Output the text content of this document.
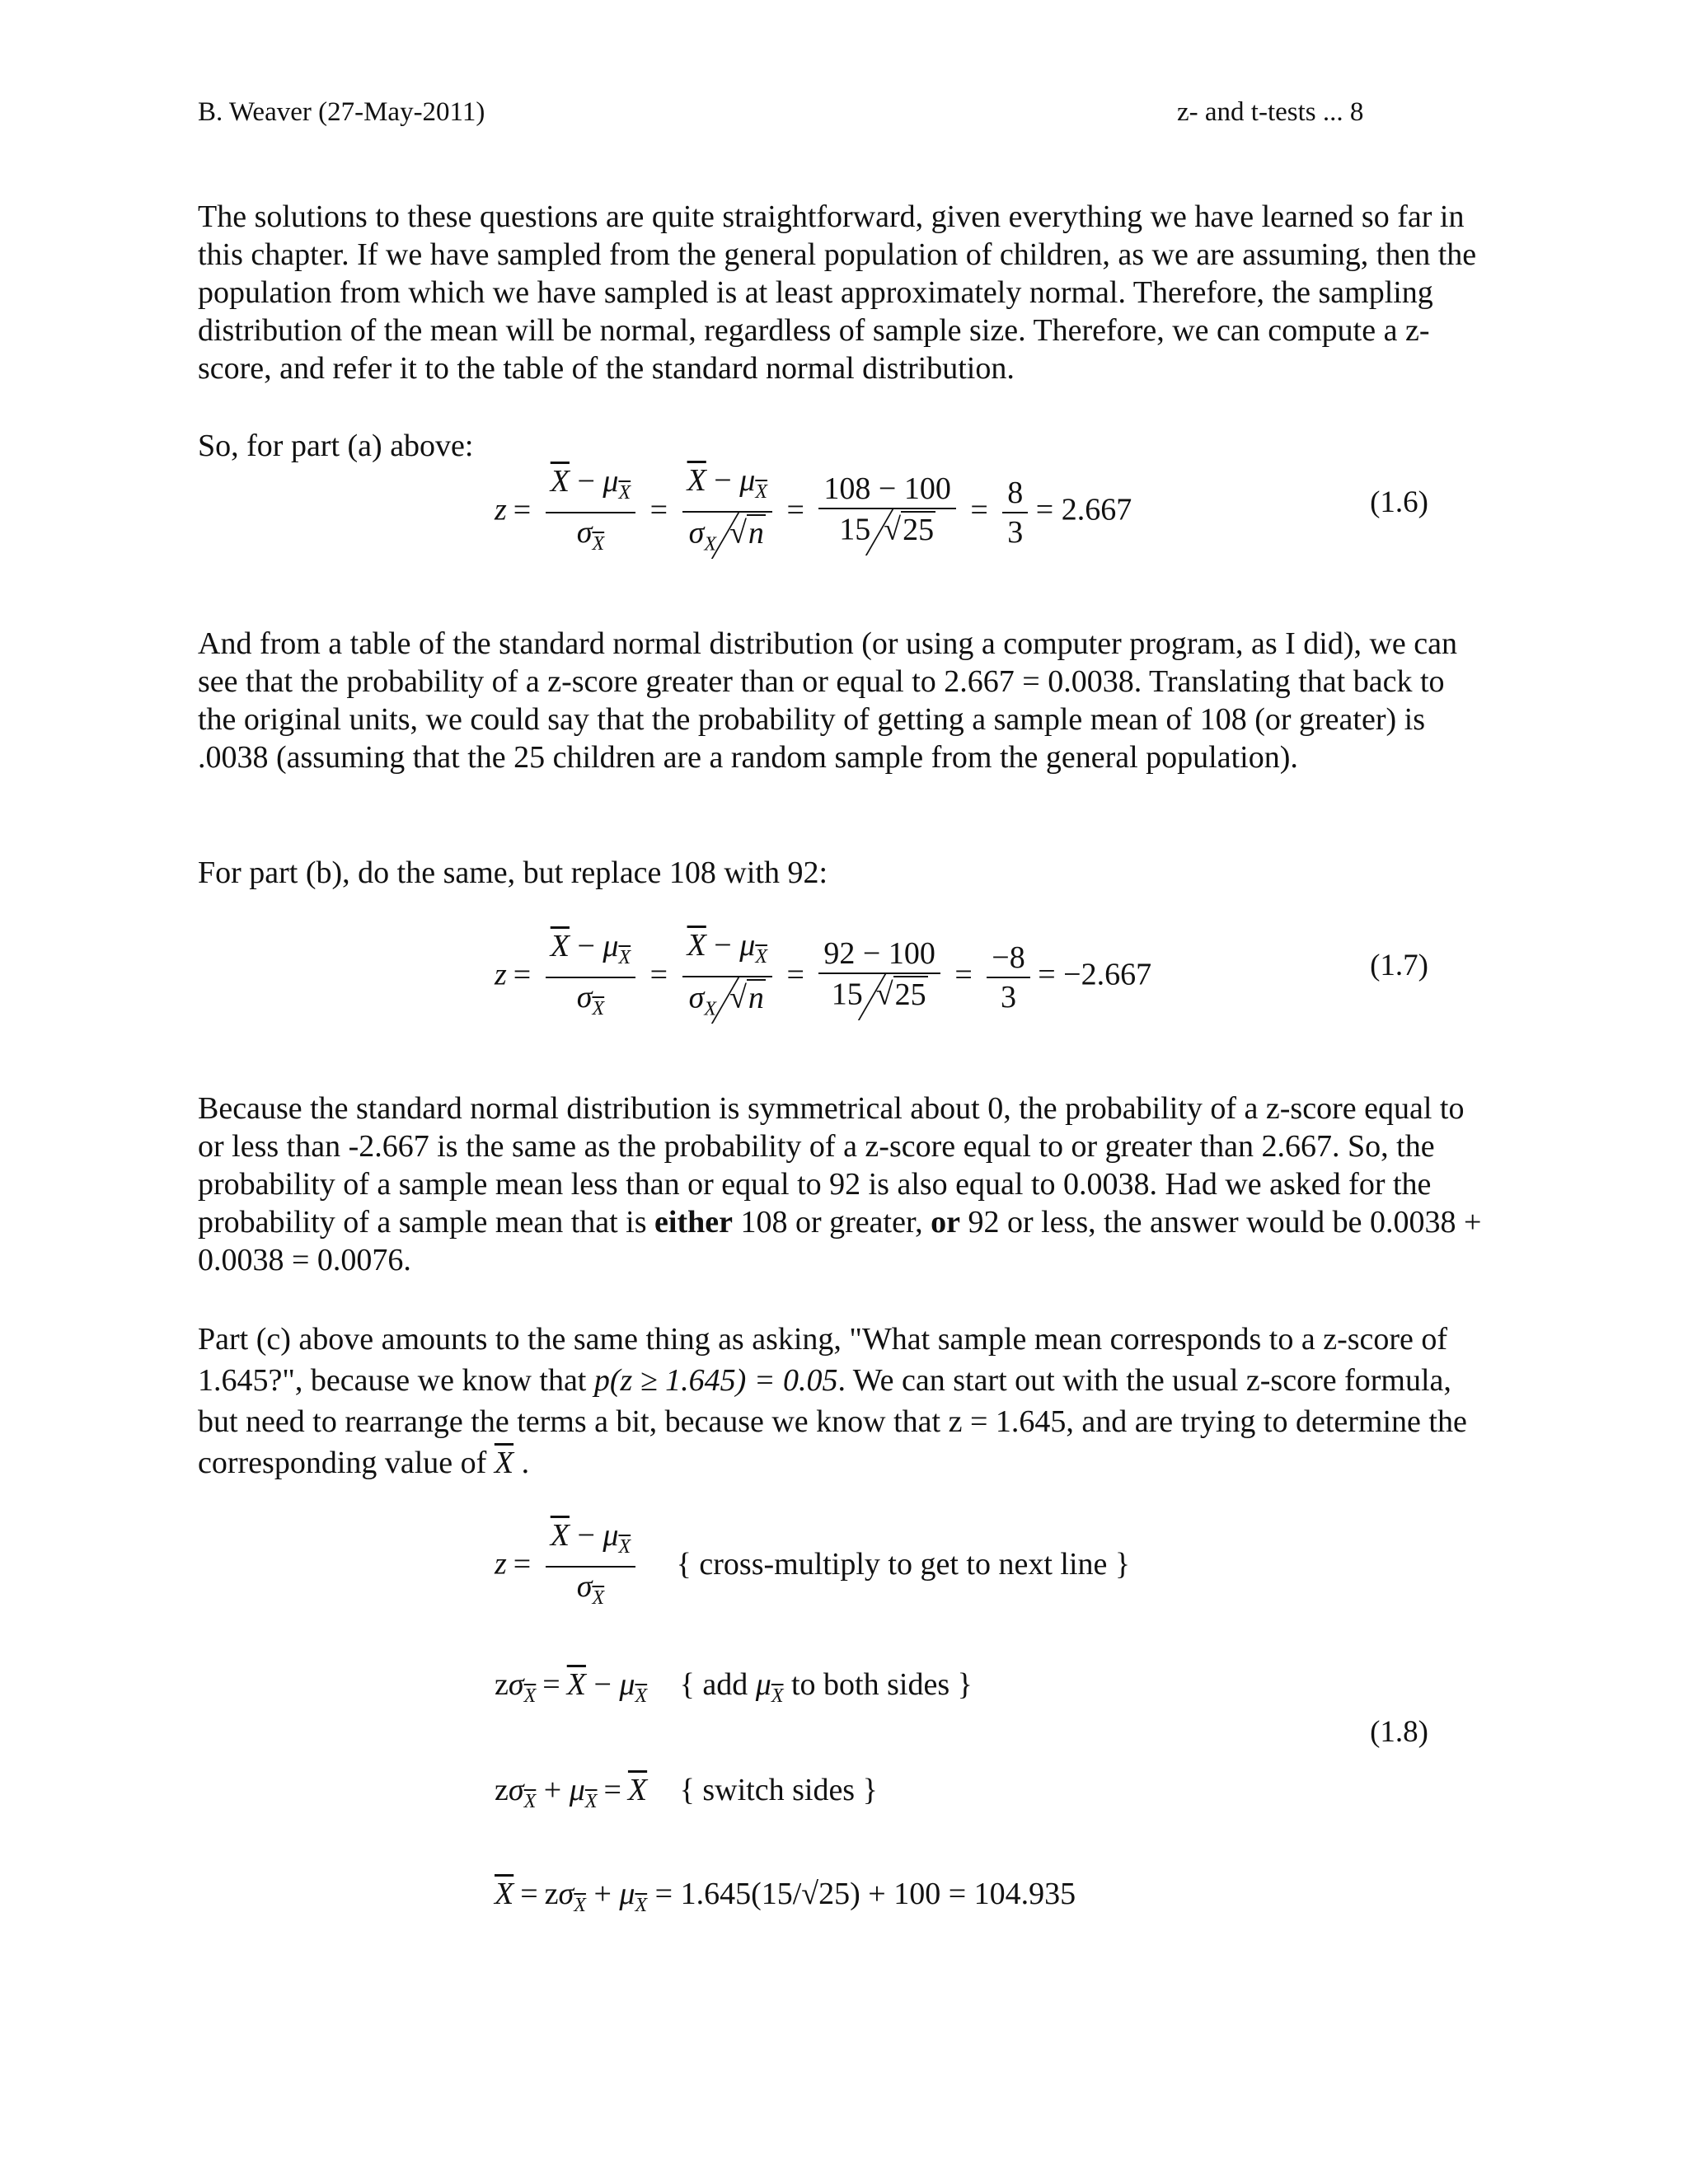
B. Weaver (27-May-2011)	z- and t-tests ... 8

The solutions to these questions are quite straightforward, given everything we have learned so far in this chapter. If we have sampled from the general population of children, as we are assuming, then the population from which we have sampled is at least approximately normal. Therefore, the sampling distribution of the mean will be normal, regardless of sample size. Therefore, we can compute a z-score, and refer it to the table of the standard normal distribution.

So, for part (a) above:

$z = \frac{\overline{X} - \mu_{\overline{X}}}{\sigma_{\overline{X}}} = \frac{\overline{X} - \mu_{\overline{X}}}{\sigma_X √n} = \frac{108 - 100}{15 √25} = \frac{8}{3} = 2.667$	(1.6)

And from a table of the standard normal distribution (or using a computer program, as I did), we can see that the probability of a z-score greater than or equal to 2.667 = 0.0038. Translating that back to the original units, we could say that the probability of getting a sample mean of 108 (or greater) is .0038 (assuming that the 25 children are a random sample from the general population).

For part (b), do the same, but replace 108 with 92:

$z = \frac{\overline{X} - \mu_{\overline{X}}}{\sigma_{\overline{X}}} = \frac{\overline{X} - \mu_{\overline{X}}}{\sigma_X √n} = \frac{92 - 100}{15 √25} = \frac{-8}{3} = -2.667$	(1.7)

Because the standard normal distribution is symmetrical about 0, the probability of a z-score equal to or less than -2.667 is the same as the probability of a z-score equal to or greater than 2.667. So, the probability of a sample mean less than or equal to 92 is also equal to 0.0038. Had we asked for the probability of a sample mean that is either 108 or greater, or 92 or less, the answer would be 0.0038 + 0.0038 = 0.0076.

Part (c) above amounts to the same thing as asking, "What sample mean corresponds to a z-score of 1.645?", because we know that p(z ≥ 1.645) = 0.05. We can start out with the usual z-score formula, but need to rearrange the terms a bit, because we know that z = 1.645, and are trying to determine the corresponding value of $\overline{X}$ .

$z = \frac{\overline{X} - \mu_{\overline{X}}}{\sigma_{\overline{X}}}$ { cross-multiply to get to next line }
$z\sigma_{\overline{X}} = \overline{X} - \mu_{\overline{X}}$ { add $\mu_{\overline{X}}$ to both sides }
(1.8)
$z\sigma_{\overline{X}} + \mu_{\overline{X}} = \overline{X}$ { switch sides }
$\overline{X} = z\sigma_{\overline{X}} + \mu_{\overline{X}} = 1.645(15/√25) + 100 = 104.935$
